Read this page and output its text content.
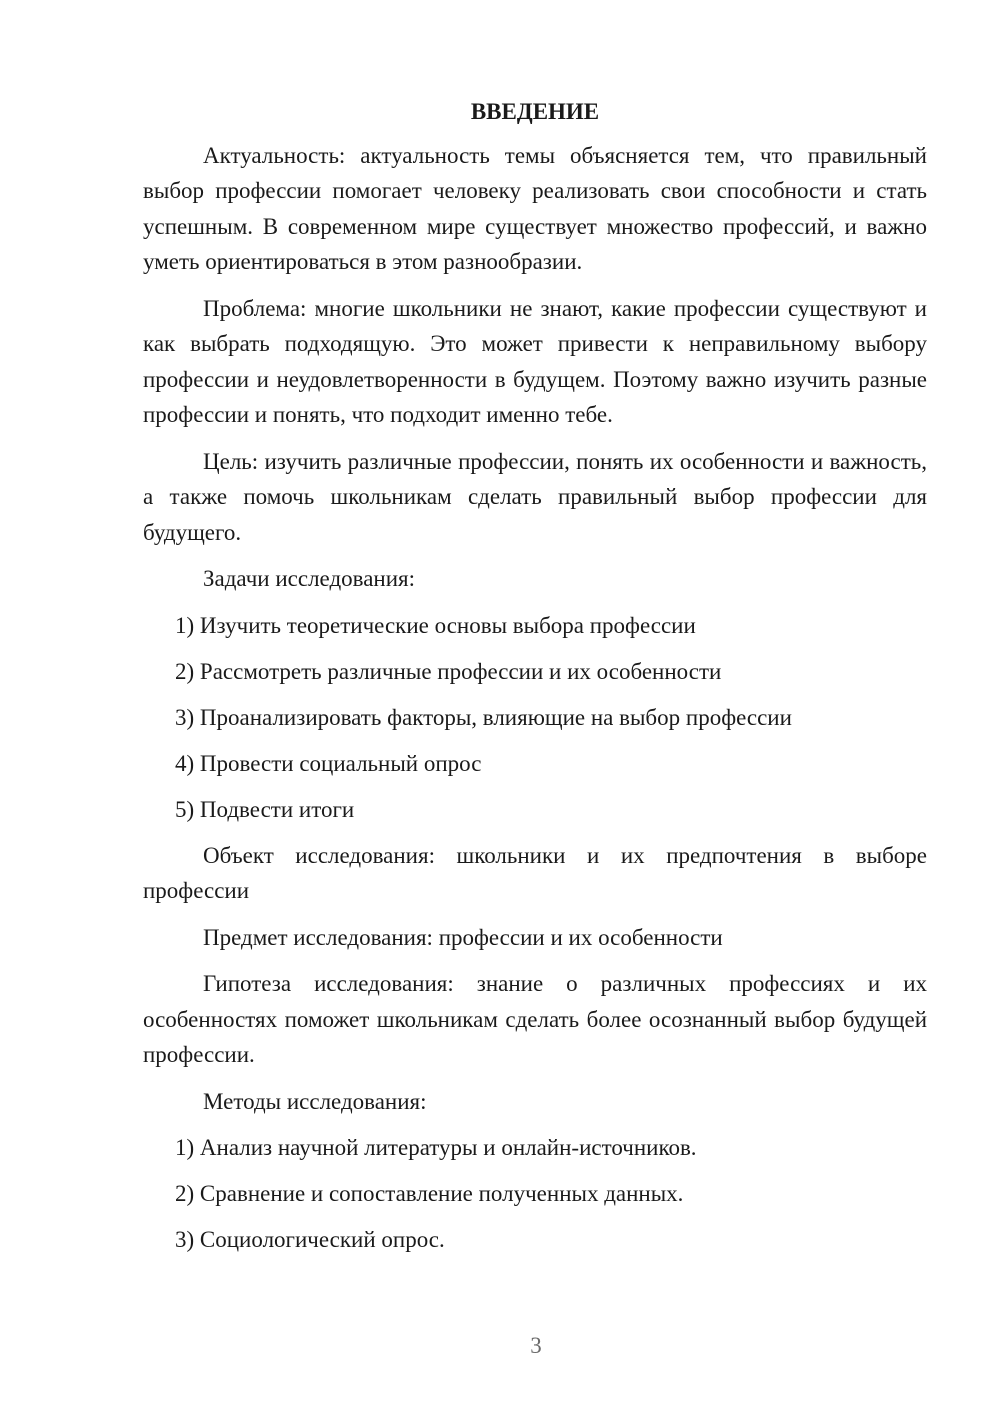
ВВЕДЕНИЕ

Актуальность: актуальность темы объясняется тем, что правильный выбор профессии помогает человеку реализовать свои способности и стать успешным. В современном мире существует множество профессий, и важно уметь ориентироваться в этом разнообразии.

Проблема: многие школьники не знают, какие профессии существуют и как выбрать подходящую. Это может привести к неправильному выбору профессии и неудовлетворенности в будущем. Поэтому важно изучить разные профессии и понять, что подходит именно тебе.

Цель: изучить различные профессии, понять их особенности и важность, а также помочь школьникам сделать правильный выбор профессии для будущего.

Задачи исследования:

1) Изучить теоретические основы выбора профессии

2) Рассмотреть различные профессии и их особенности

3) Проанализировать факторы, влияющие на выбор профессии

4) Провести социальный опрос

5) Подвести итоги

Объект исследования: школьники и их предпочтения в выборе профессии

Предмет исследования: профессии и их особенности

Гипотеза исследования: знание о различных профессиях и их особенностях поможет школьникам сделать более осознанный выбор будущей профессии.

Методы исследования:

1) Анализ научной литературы и онлайн-источников.

2) Сравнение и сопоставление полученных данных.

3) Социологический опрос.

3
